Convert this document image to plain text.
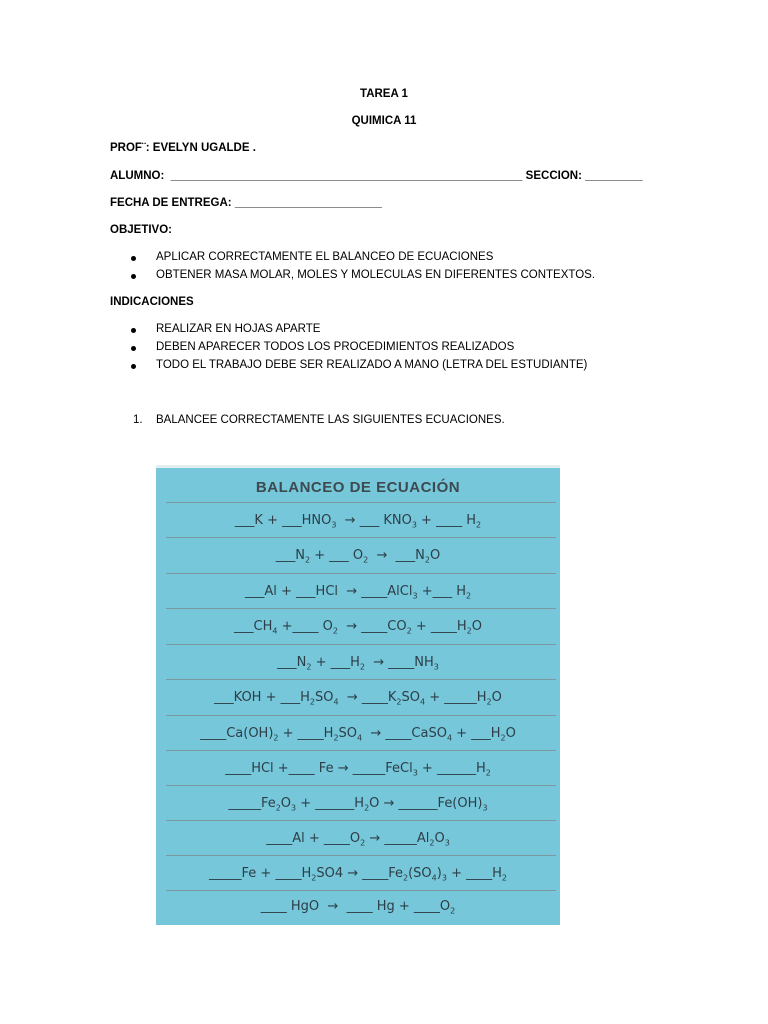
TAREA 1

QUIMICA 11

PROF¨: EVELYN UGALDE .

ALUMNO: _______________________________________________________ SECCION: _________

FECHA DE ENTREGA: _______________________

OBJETIVO:

APLICAR CORRECTAMENTE EL BALANCEO DE ECUACIONES

OBTENER MASA MOLAR, MOLES Y MOLECULAS EN DIFERENTES CONTEXTOS.

INDICACIONES

REALIZAR EN HOJAS APARTE

DEBEN APARECER TODOS LOS PROCEDIMIENTOS REALIZADOS

TODO EL TRABAJO DEBE SER REALIZADO A MANO (LETRA DEL ESTUDIANTE)

1. BALANCEE CORRECTAMENTE LAS SIGUIENTES ECUACIONES.

BALANCEO DE ECUACIÓN
___K + $\_\_\_HNO_3$  → ___ $KNO_3$ + ____ $H_2$
$\_\_\_N_2$ + ___ $O_2$  →  $\_\_\_N_2O$
___Al + ___HCl  → ____AlCl$_3$ +___ $H_2$
$\_\_\_CH_4$ +____ $O_2$  → $\_\_\_\_CO_2$ + $\_\_\_\_H_2O$
$\_\_\_N_2$ + $\_\_\_H_2$  → $\_\_\_\_NH_3$
___KOH + $\_\_\_H_2SO_4$  → $\_\_\_\_K_2SO_4$ + $\_\_\_\_\_H_2O$
$\_\_\_\_Ca(OH)_2$ + $\_\_\_\_H_2SO_4$  → ____CaSO$_4$ + $\_\_\_H_2O$
____HCl +____ Fe → _____FeCl$_3$ + $\_\_\_\_\_\_H_2$
$\_\_\_\_\_Fe_2O_3$ + $\_\_\_\_\_\_H_2O$ → $\_\_\_\_\_\_Fe(OH)_3$
____Al + $\_\_\_\_O_2$ → $\_\_\_\_\_Al_2O_3$
_____Fe + $\_\_\_\_H_2SO4$ → $\_\_\_\_Fe_2(SO_4)_3$ + $\_\_\_\_H_2$
____ HgO  →  ____ $Hg + \_\_\_\_O_2$
